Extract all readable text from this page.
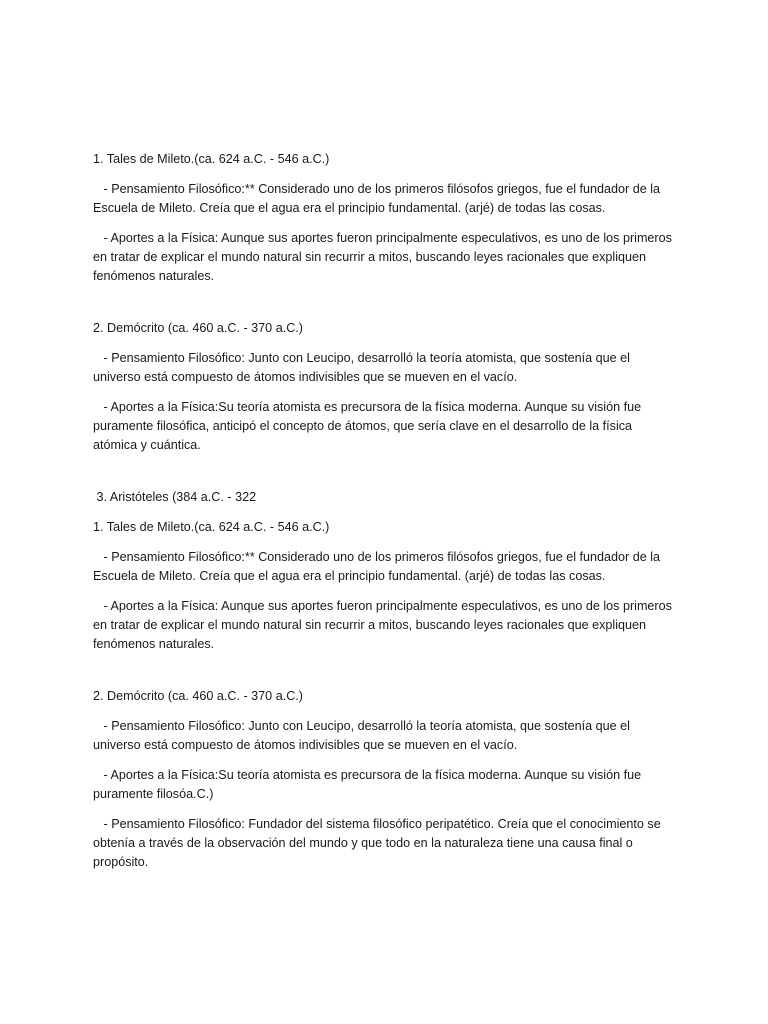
1. Tales de Mileto.(ca. 624 a.C. - 546 a.C.)

- Pensamiento Filosófico:** Considerado uno de los primeros filósofos griegos, fue el fundador de la Escuela de Mileto. Creía que el agua era el principio fundamental. (arjé) de todas las cosas.

- Aportes a la Física: Aunque sus aportes fueron principalmente especulativos, es uno de los primeros en tratar de explicar el mundo natural sin recurrir a mitos, buscando leyes racionales que expliquen fenómenos naturales.

2. Demócrito (ca. 460 a.C. - 370 a.C.)

- Pensamiento Filosófico: Junto con Leucipo, desarrolló la teoría atomista, que sostenía que el universo está compuesto de átomos indivisibles que se mueven en el vacío.

- Aportes a la Física:Su teoría atomista es precursora de la física moderna. Aunque su visión fue puramente filosófica, anticipó el concepto de átomos, que sería clave en el desarrollo de la física atómica y cuántica.

3. Aristóteles (384 a.C. - 322

1. Tales de Mileto.(ca. 624 a.C. - 546 a.C.)

- Pensamiento Filosófico:** Considerado uno de los primeros filósofos griegos, fue el fundador de la Escuela de Mileto. Creía que el agua era el principio fundamental. (arjé) de todas las cosas.

- Aportes a la Física: Aunque sus aportes fueron principalmente especulativos, es uno de los primeros en tratar de explicar el mundo natural sin recurrir a mitos, buscando leyes racionales que expliquen fenómenos naturales.

2. Demócrito (ca. 460 a.C. - 370 a.C.)

- Pensamiento Filosófico: Junto con Leucipo, desarrolló la teoría atomista, que sostenía que el universo está compuesto de átomos indivisibles que se mueven en el vacío.

- Aportes a la Física:Su teoría atomista es precursora de la física moderna. Aunque su visión fue puramente filosóa.C.)

- Pensamiento Filosófico: Fundador del sistema filosófico peripatético. Creía que el conocimiento se obtenía a través de la observación del mundo y que todo en la naturaleza tiene una causa final o propósito.
